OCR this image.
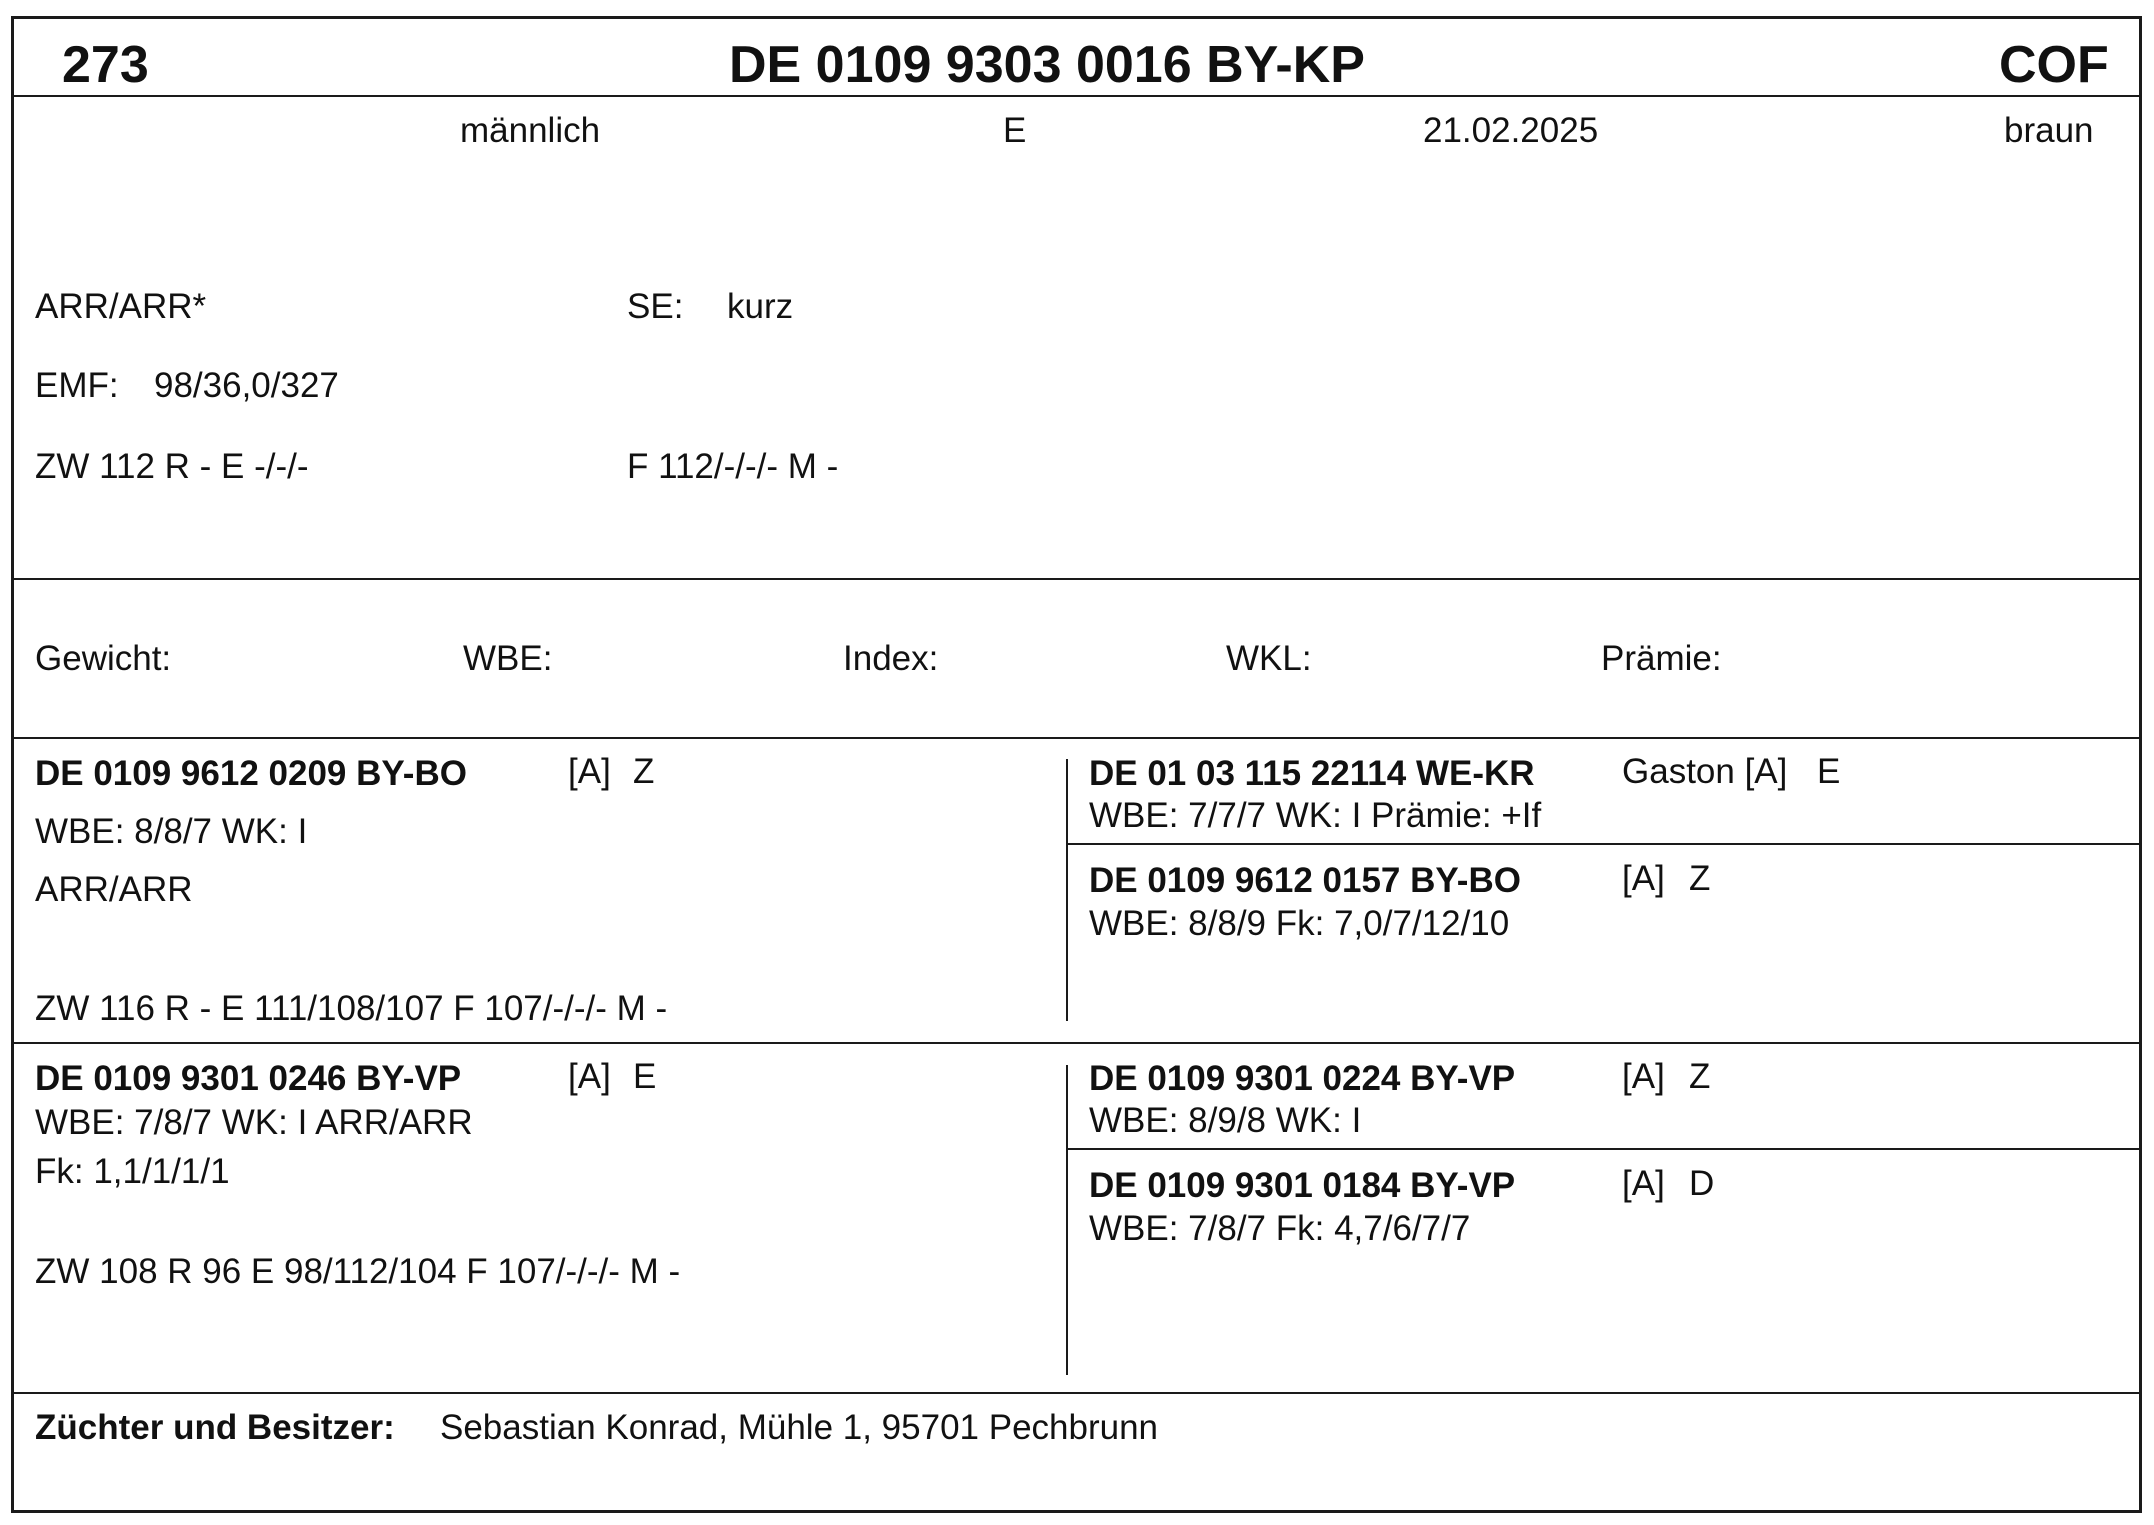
273	DE 0109 9303 0016 BY-KP	COF
männlich	E	21.02.2025	braun
ARR/ARR*	SE: kurz
EMF: 98/36,0/327
ZW 112 R - E -/-/-	F 112/-/-/- M -
Gewicht:	WBE:	Index:	WKL:	Prämie:
DE 0109 9612 0209 BY-BO	[A] Z
WBE: 8/8/7 WK: I
ARR/ARR
ZW 116 R - E 111/108/107 F 107/-/-/- M -
DE 01 03 115 22114 WE-KR Gaston [A] E
WBE: 7/7/7 WK: I Prämie: +If
DE 0109 9612 0157 BY-BO	[A] Z
WBE: 8/8/9 Fk: 7,0/7/12/10
DE 0109 9301 0246 BY-VP	[A] E
WBE: 7/8/7 WK: I ARR/ARR
Fk: 1,1/1/1/1
ZW 108 R 96 E 98/112/104 F 107/-/-/- M -
DE 0109 9301 0224 BY-VP	[A] Z
WBE: 8/9/8 WK: I
DE 0109 9301 0184 BY-VP	[A] D
WBE: 7/8/7 Fk: 4,7/6/7/7
Züchter und Besitzer: Sebastian Konrad, Mühle 1, 95701 Pechbrunn
